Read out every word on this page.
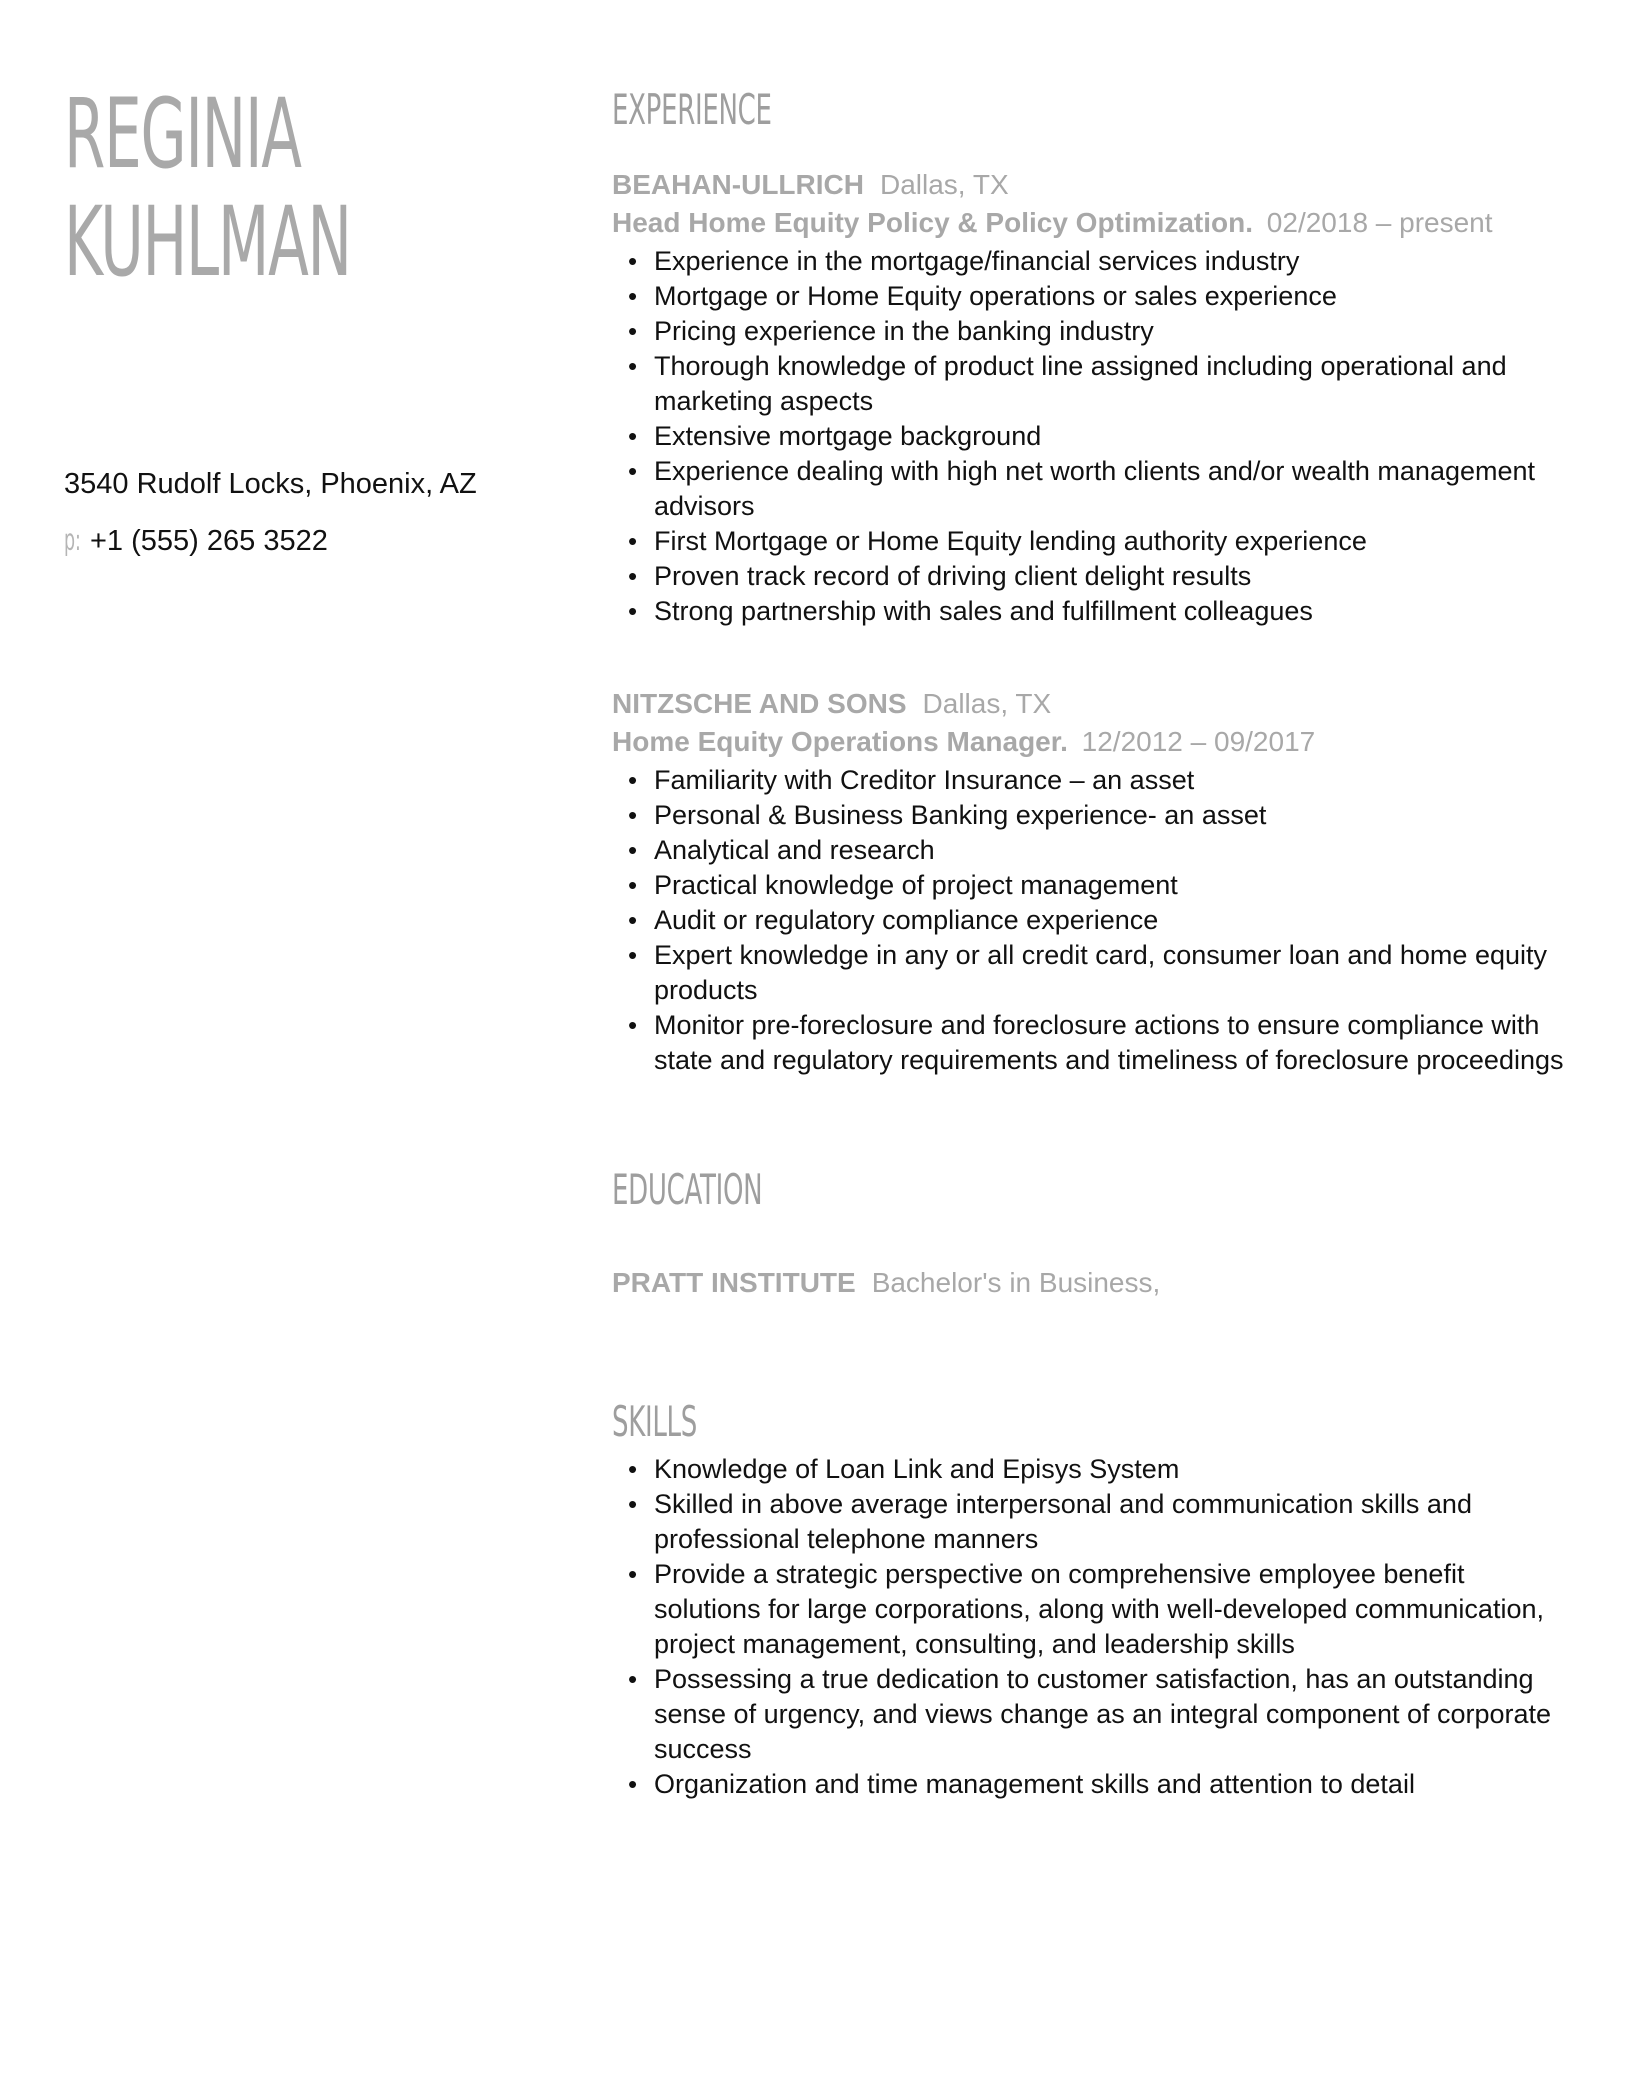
REGINIA
KUHLMAN
3540 Rudolf Locks, Phoenix, AZ
p: +1 (555) 265 3522
EXPERIENCE
BEAHAN-ULLRICH Dallas, TX
Head Home Equity Policy & Policy Optimization. 02/2018 – present
• Experience in the mortgage/financial services industry
• Mortgage or Home Equity operations or sales experience
• Pricing experience in the banking industry
• Thorough knowledge of product line assigned including operational and marketing aspects
• Extensive mortgage background
• Experience dealing with high net worth clients and/or wealth management advisors
• First Mortgage or Home Equity lending authority experience
• Proven track record of driving client delight results
• Strong partnership with sales and fulfillment colleagues
NITZSCHE AND SONS Dallas, TX
Home Equity Operations Manager. 12/2012 – 09/2017
• Familiarity with Creditor Insurance – an asset
• Personal & Business Banking experience- an asset
• Analytical and research
• Practical knowledge of project management
• Audit or regulatory compliance experience
• Expert knowledge in any or all credit card, consumer loan and home equity products
• Monitor pre-foreclosure and foreclosure actions to ensure compliance with state and regulatory requirements and timeliness of foreclosure proceedings
EDUCATION
PRATT INSTITUTE Bachelor's in Business,
SKILLS
• Knowledge of Loan Link and Episys System
• Skilled in above average interpersonal and communication skills and professional telephone manners
• Provide a strategic perspective on comprehensive employee benefit solutions for large corporations, along with well-developed communication, project management, consulting, and leadership skills
• Possessing a true dedication to customer satisfaction, has an outstanding sense of urgency, and views change as an integral component of corporate success
• Organization and time management skills and attention to detail
